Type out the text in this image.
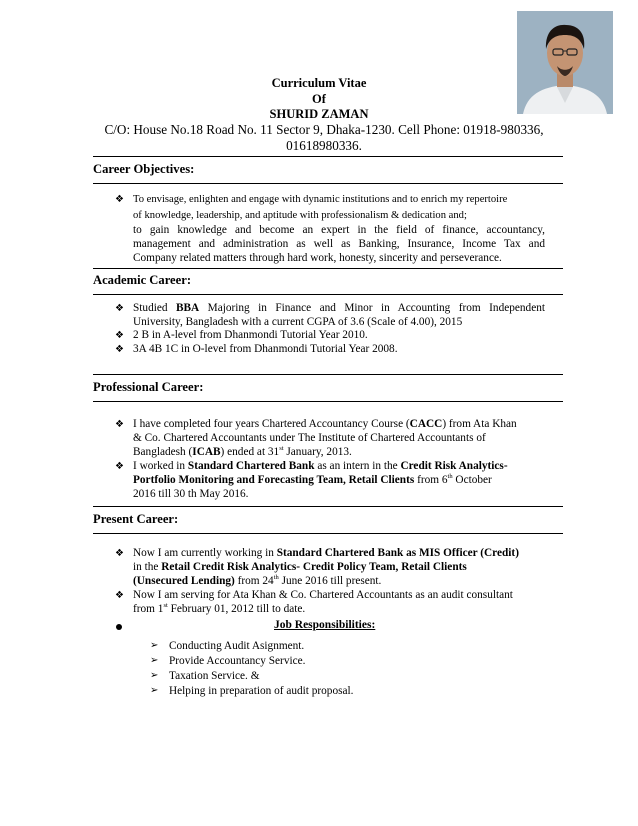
Curriculum Vitae
Of
SHURID ZAMAN
C/O: House No.18 Road No. 11 Sector 9, Dhaka-1230. Cell Phone: 01918-980336,
01618980336.
Career Objectives:
❖ To envisage, enlighten and engage with dynamic institutions and to enrich my repertoire
of knowledge, leadership, and aptitude with professionalism & dedication and;
to gain knowledge and become an expert in the field of finance, accountancy,
management and administration as well as Banking, Insurance, Income Tax and
Company related matters through hard work, honesty, sincerity and perseverance.
Academic Career:
❖ Studied BBA Majoring in Finance and Minor in Accounting from Independent
University, Bangladesh with a current CGPA of 3.6 (Scale of 4.00), 2015
❖ 2 B in A-level from Dhanmondi Tutorial Year 2010.
❖ 3A 4B 1C in O-level from Dhanmondi Tutorial Year 2008.
Professional Career:
❖ I have completed four years Chartered Accountancy Course (CACC) from Ata Khan
& Co. Chartered Accountants under The Institute of Chartered Accountants of
Bangladesh (ICAB) ended at 31st January, 2013.
❖ I worked in Standard Chartered Bank as an intern in the Credit Risk Analytics-
Portfolio Monitoring and Forecasting Team, Retail Clients from 6th October
2016 till 30 th May 2016.
Present Career:
❖ Now I am currently working in Standard Chartered Bank as MIS Officer (Credit)
in the Retail Credit Risk Analytics- Credit Policy Team, Retail Clients
(Unsecured Lending) from 24th June 2016 till present.
❖ Now I am serving for Ata Khan & Co. Chartered Accountants as an audit consultant
from 1st February 01, 2012 till to date.
Job Responsibilities:
➢ Conducting Audit Asignment.
➢ Provide Accountancy Service.
➢ Taxation Service. &
➢ Helping in preparation of audit proposal.
